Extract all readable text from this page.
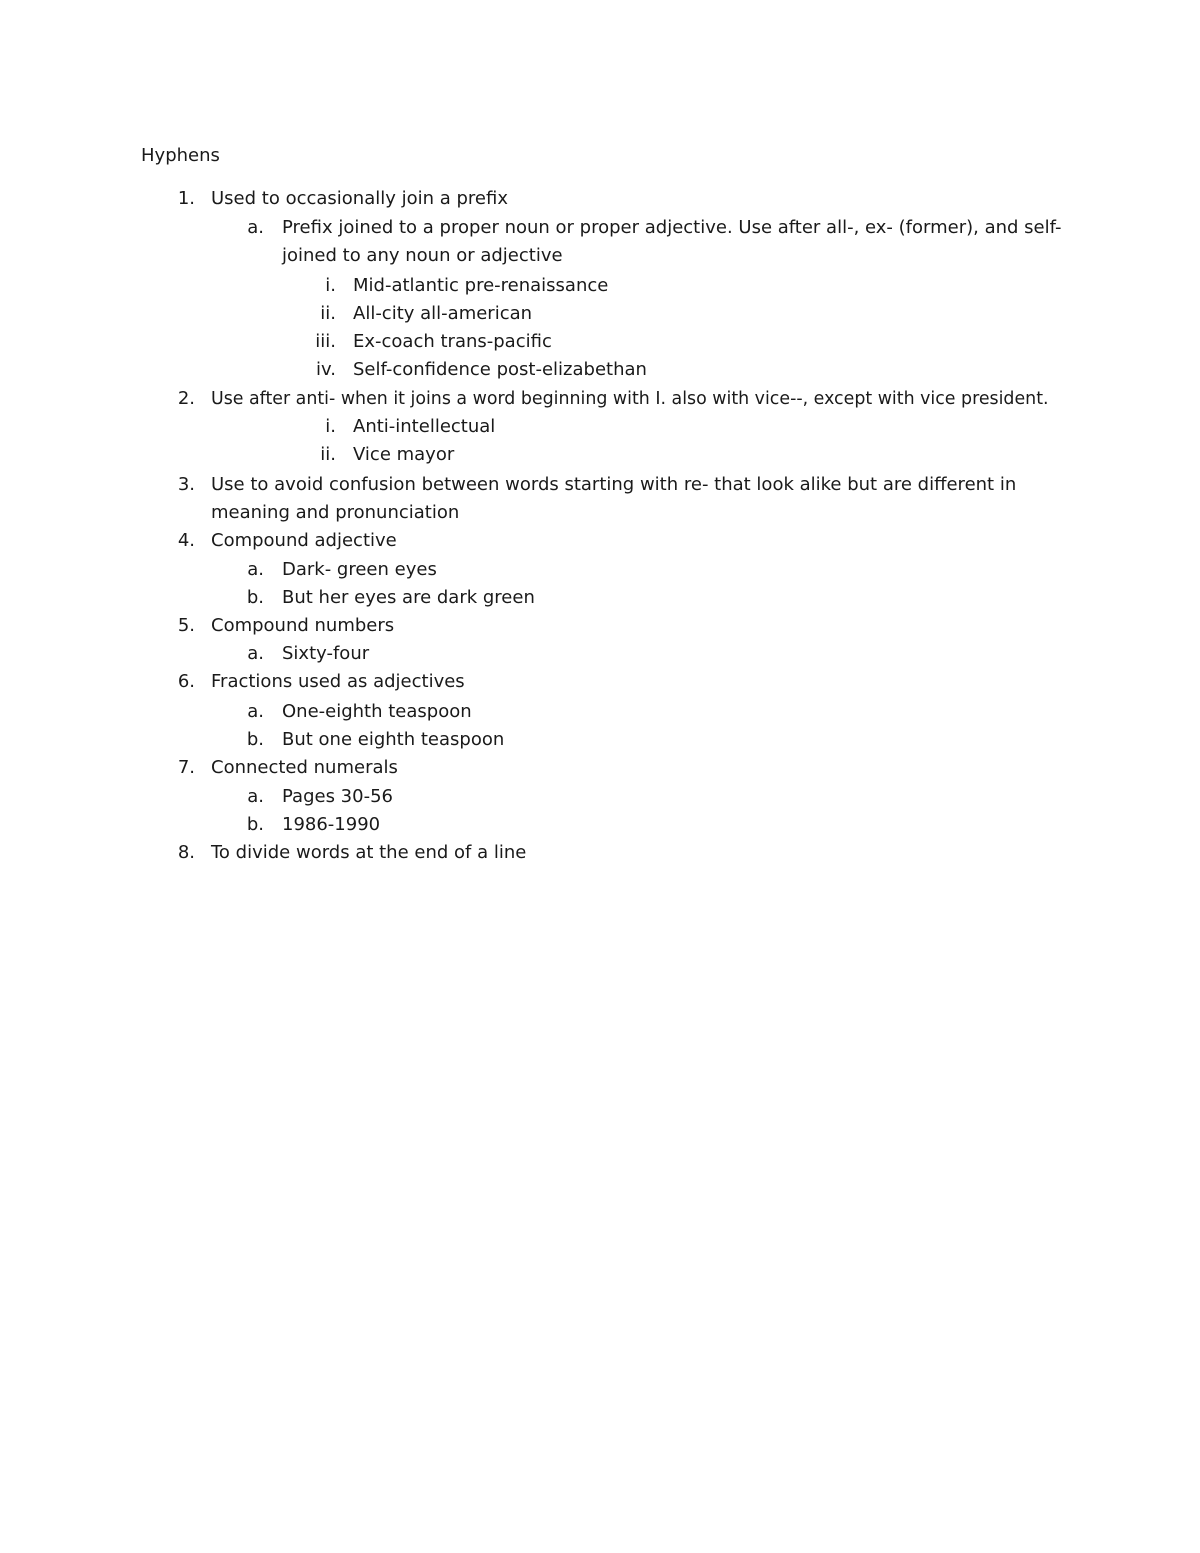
Hyphens
1. Used to occasionally join a prefix
a. Prefix joined to a proper noun or proper adjective. Use after all-, ex- (former), and self-
joined to any noun or adjective
i. Mid-atlantic pre-renaissance
ii. All-city all-american
iii. Ex-coach trans-pacific
iv. Self-confidence post-elizabethan
2. Use after anti- when it joins a word beginning with I. also with vice--, except with vice president.
i. Anti-intellectual
ii. Vice mayor
3. Use to avoid confusion between words starting with re- that look alike but are different in
meaning and pronunciation
4. Compound adjective
a. Dark- green eyes
b. But her eyes are dark green
5. Compound numbers
a. Sixty-four
6. Fractions used as adjectives
a. One-eighth teaspoon
b. But one eighth teaspoon
7. Connected numerals
a. Pages 30-56
b. 1986-1990
8. To divide words at the end of a line
